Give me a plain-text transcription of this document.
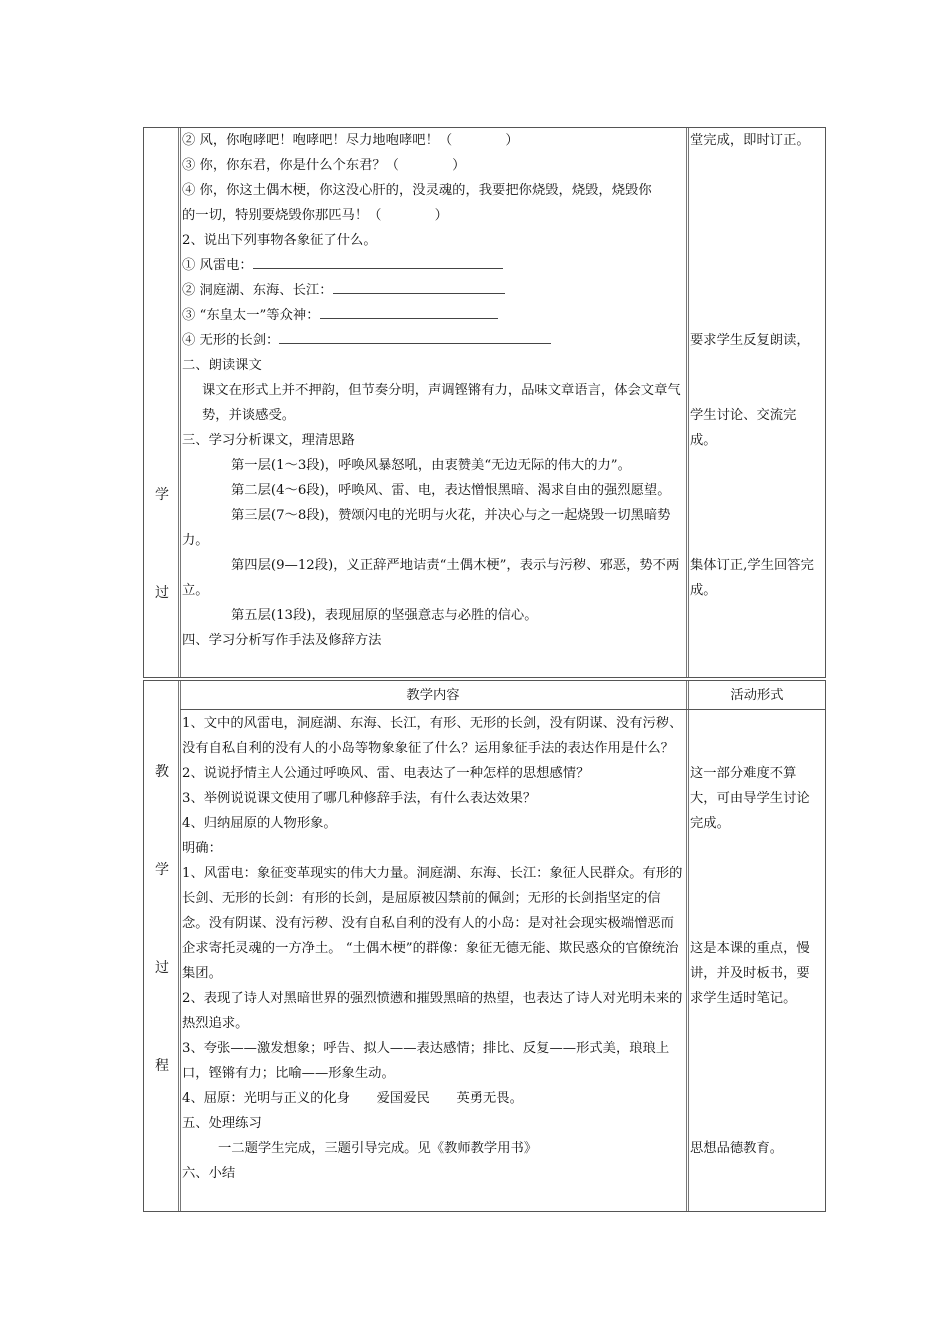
学
过
② 风，你咆哮吧！咆哮吧！尽力地咆哮吧！（　　　　）
③ 你，你东君，你是什么个东君？（　　　　）
④ 你，你这土偶木梗，你这没心肝的，没灵魂的，我要把你烧毁，烧毁，烧毁你
的一切，特别要烧毁你那匹马！（　　　　）
2、说出下列事物各象征了什么。
① 风雷电：
② 洞庭湖、东海、长江：
③ “东皇太一”等众神：
④ 无形的长剑：
二、朗读课文
课文在形式上并不押韵，但节奏分明，声调铿锵有力，品味文章语言，体会文章气势，并谈感受。
三、学习分析课文，理清思路
第一层(1～3段)，呼唤风暴怒吼，由衷赞美“无边无际的伟大的力”。
第二层(4～6段)，呼唤风、雷、电，表达憎恨黑暗、渴求自由的强烈愿望。
第三层(7～8段)，赞颂闪电的光明与火花，并决心与之一起烧毁一切黑暗势力。
第四层(9—12段)，义正辞严地诘责“土偶木梗”，表示与污秽、邪恶，势不两立。
第五层(13段)，表现屈原的坚强意志与必胜的信心。
四、学习分析写作手法及修辞方法
堂完成，即时订正。
要求学生反复朗读，
学生讨论、交流完成。
集体订正,学生回答完成。
教学内容	活动形式
教
学
过
程
1、文中的风雷电，洞庭湖、东海、长江，有形、无形的长剑，没有阴谋、没有污秽、没有自私自利的没有人的小岛等物象象征了什么？运用象征手法的表达作用是什么？
2、说说抒情主人公通过呼唤风、雷、电表达了一种怎样的思想感情？
3、举例说说课文使用了哪几种修辞手法，有什么表达效果？
4、归纳屈原的人物形象。
明确：
1、风雷电：象征变革现实的伟大力量。洞庭湖、东海、长江：象征人民群众。有形的长剑、无形的长剑：有形的长剑，是屈原被囚禁前的佩剑；无形的长剑指坚定的信念。没有阴谋、没有污秽、没有自私自利的没有人的小岛：是对社会现实极端憎恶而企求寄托灵魂的一方净土。 “土偶木梗”的群像：象征无德无能、欺民惑众的官僚统治集团。
2、表现了诗人对黑暗世界的强烈愤懑和摧毁黑暗的热望，也表达了诗人对光明未来的热烈追求。
3、夸张——激发想象；呼告、拟人——表达感情；排比、反复——形式美，琅琅上口，铿锵有力；比喻——形象生动。
4、屈原：光明与正义的化身　　爱国爱民　　英勇无畏。
五、处理练习
一二题学生完成，三题引导完成。见《教师教学用书》
六、小结
这一部分难度不算大，可由导学生讨论完成。
这是本课的重点，慢讲，并及时板书，要求学生适时笔记。
思想品德教育。
